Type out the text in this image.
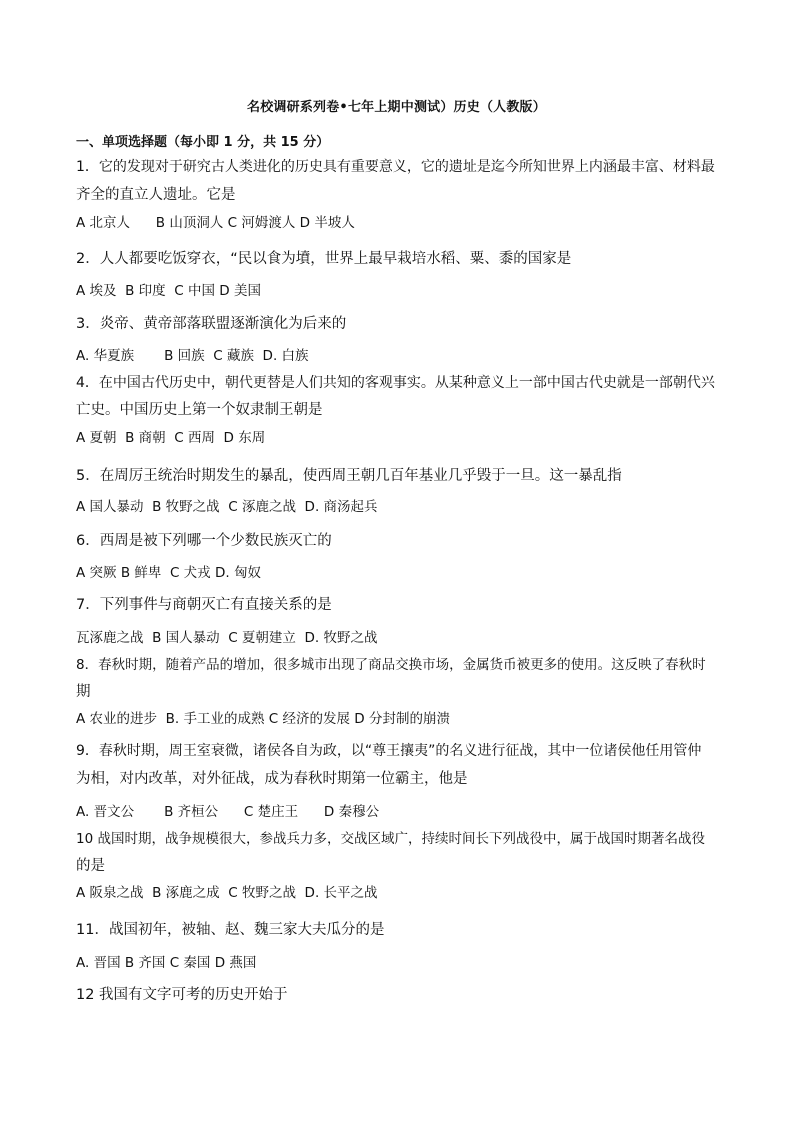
名校调研系列卷•七年上期中测试）历史（人教版）
一、单项选择题（每小即 1 分，共 15 分）
1．它的发现对于研究古人类进化的历史具有重要意义，它的遗址是迄今所知世界上内涵最丰富、材料最
齐全的直立人遗址。它是
A 北京人      B 山顶洞人 C 河姆渡人 D 半坡人
2．人人都要吃饭穿衣，“民以食为墳，世界上最早栽培水稻、粟、黍的国家是
A 埃及  B 印度  C 中国 D 美国
3．炎帝、黄帝部落联盟逐渐演化为后来的
A. 华夏族       B 回族  C 藏族  D. 白族
4．在中国古代历史中，朝代更替是人们共知的客观事实。从某种意义上一部中国古代史就是一部朝代兴
亡史。中国历史上第一个奴隶制王朝是
A 夏朝  B 商朝  C 西周  D 东周
5．在周厉王统治时期发生的暴乱，使西周王朝几百年基业几乎毁于一旦。这一暴乱指
A 国人暴动  B 牧野之战  C 涿鹿之战  D. 商汤起兵
6．西周是被下列哪一个少数民族灭亡的
A 突厥 B 鲜卑  C 犬戎 D. 匈奴
7．下列事件与商朝灭亡有直接关系的是
瓦涿鹿之战  B 国人暴动  C 夏朝建立  D. 牧野之战
8．春秋时期，随着产品的增加，很多城市出现了商品交换市场，金属货币被更多的使用。这反映了春秋时
期
A 农业的进步  B. 手工业的成熟 C 经济的发展 D 分封制的崩溃
9．春秋时期，周王室衰微，诸侯各自为政，以“尊王攘夷”的名义进行征战，其中一位诸侯他任用管仲
为相，对内改革，对外征战，成为春秋时期第一位霸主，他是
A. 晋文公       B 齐桓公      C 楚庄王      D 秦穆公
10 战国时期，战争规模很大，参战兵力多，交战区域广，持续时间长下列战役中，属于战国时期著名战役
的是
A 阪泉之战  B 涿鹿之成  C 牧野之战  D. 长平之战
11．战国初年，被轴、赵、魏三家大夫瓜分的是
A. 晋国 B 齐国 C 秦国 D 燕国
12 我国有文字可考的历史开始于
